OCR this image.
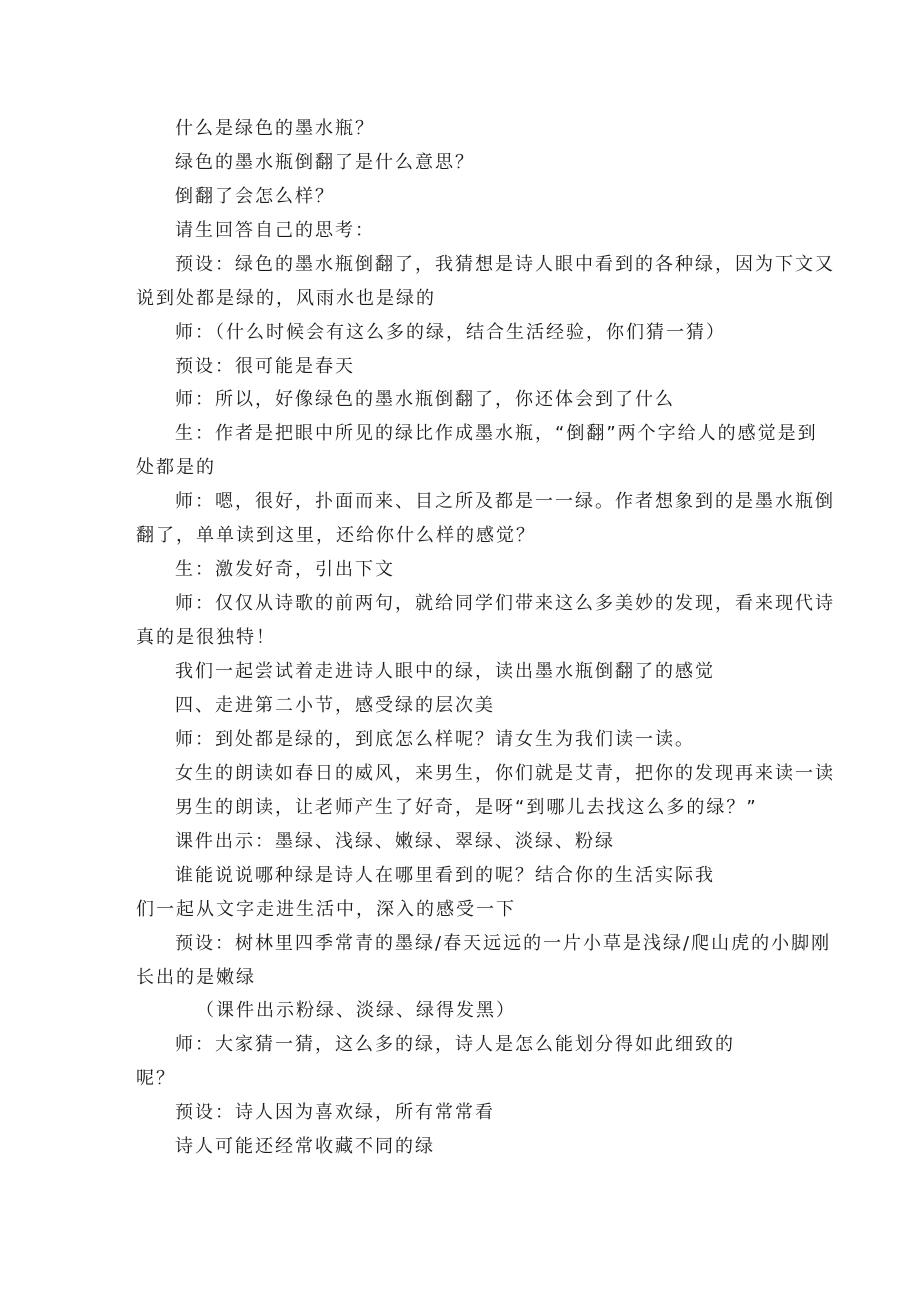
什么是绿色的墨水瓶？
绿色的墨水瓶倒翻了是什么意思？
倒翻了会怎么样？
请生回答自己的思考：
预设：绿色的墨水瓶倒翻了，我猜想是诗人眼中看到的各种绿，因为下文又
说到处都是绿的，风雨水也是绿的
师：（什么时候会有这么多的绿，结合生活经验，你们猜一猜）
预设：很可能是春天
师：所以，好像绿色的墨水瓶倒翻了，你还体会到了什么
生：作者是把眼中所见的绿比作成墨水瓶，“倒翻”两个字给人的感觉是到
处都是的
师：嗯，很好，扑面而来、目之所及都是一一绿。作者想象到的是墨水瓶倒
翻了，单单读到这里，还给你什么样的感觉？
生：激发好奇，引出下文
师：仅仅从诗歌的前两句，就给同学们带来这么多美妙的发现，看来现代诗
真的是很独特！
我们一起尝试着走进诗人眼中的绿，读出墨水瓶倒翻了的感觉
四、走进第二小节，感受绿的层次美
师：到处都是绿的，到底怎么样呢？请女生为我们读一读。
女生的朗读如春日的威风，来男生，你们就是艾青，把你的发现再来读一读
男生的朗读，让老师产生了好奇，是呀“到哪儿去找这么多的绿？”
课件出示：墨绿、浅绿、嫩绿、翠绿、淡绿、粉绿
谁能说说哪种绿是诗人在哪里看到的呢？结合你的生活实际我
们一起从文字走进生活中，深入的感受一下
预设：树林里四季常青的墨绿/春天远远的一片小草是浅绿/爬山虎的小脚刚
长出的是嫩绿
（课件出示粉绿、淡绿、绿得发黑）
师：大家猜一猜，这么多的绿，诗人是怎么能划分得如此细致的
呢？
预设：诗人因为喜欢绿，所有常常看
诗人可能还经常收藏不同的绿
